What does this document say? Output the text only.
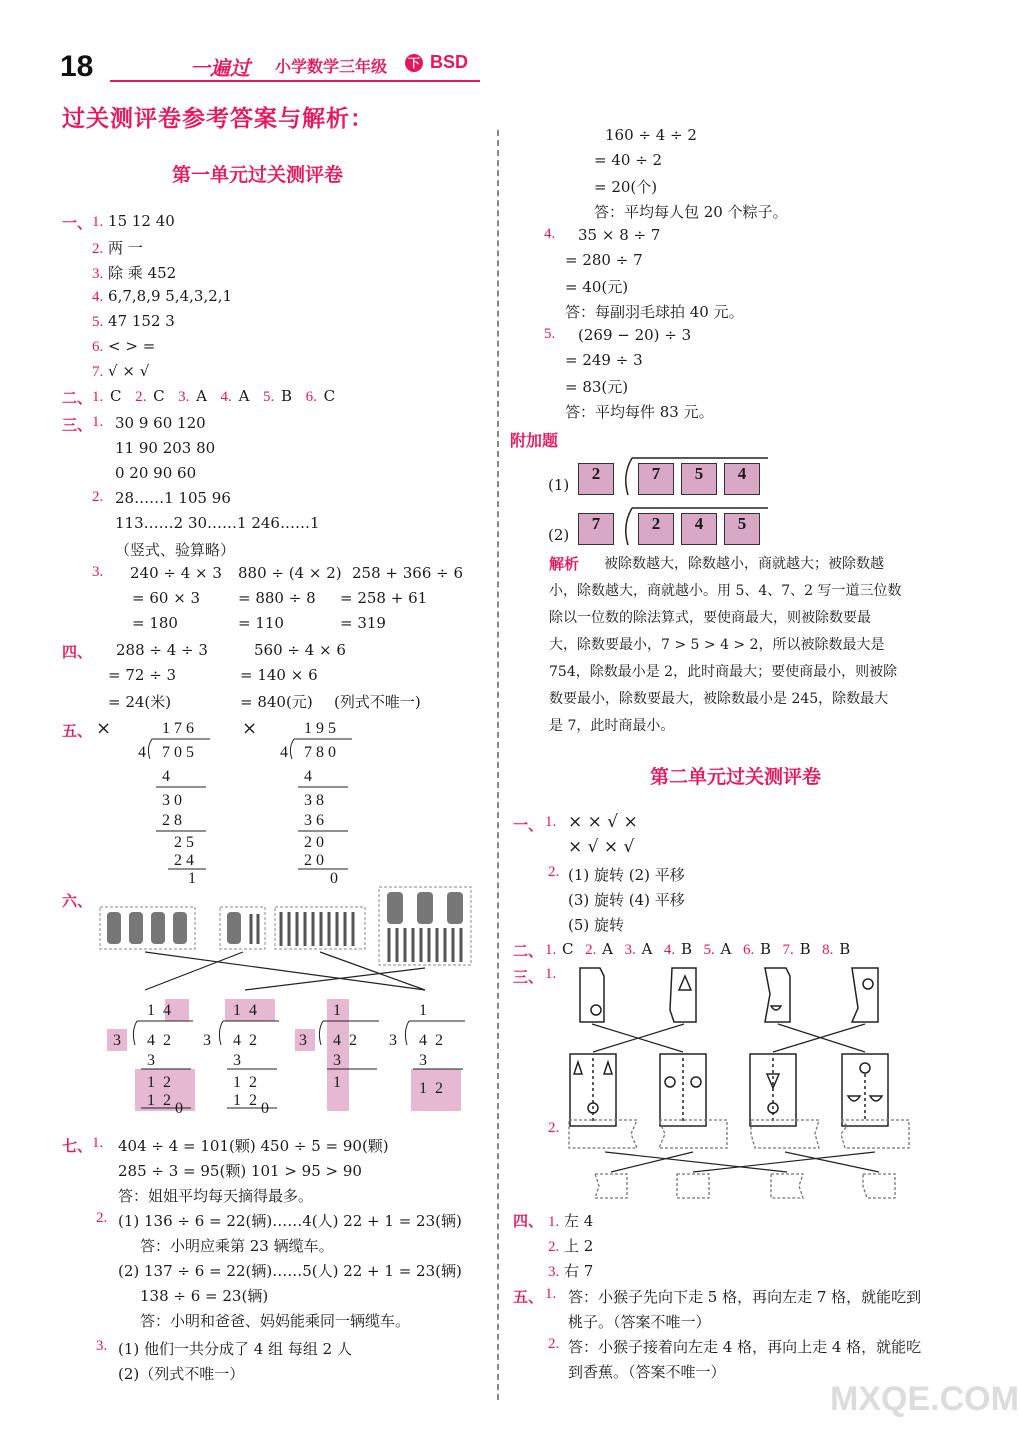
18	一遍过 小学数学三年级 下 BSD
过关测评卷参考答案与解析：
第一单元过关测评卷
一、 1. 15 12 40
2. 两 一
3. 除 乘 452
4. 6,7,8,9 5,4,3,2,1
5. 47 152 3
6. < > =
7. √ × √
二、 1. C 2. C 3. A 4. A 5. B 6. C
三、 1. 30 9 60 120
11 90 203 80
0 20 90 60
2. 28……1 105 96
113……2 30……1 246……1
（竖式、验算略）
3. 240 ÷ 4 × 3
= 60 × 3
= 180
880 ÷ (4 × 2)
= 880 ÷ 8
= 110
258 + 366 ÷ 6
= 258 + 61
= 319
四、 288 ÷ 4 ÷ 3
= 72 ÷ 3
= 24(米)
560 ÷ 4 × 6
= 140 × 6
= 840(元) (列式不唯一)
五、 ×	×
176
4 705
4
30
28
25
24
1
195
4 780
4
38
36
20
20
0
六、
14
3 42
3
12
12
0
14
3 42
3
12
12
0
1
3 42
3
1
1
3 42
3
12
七、 1. 404 ÷ 4 = 101(颗) 450 ÷ 5 = 90(颗)
285 ÷ 3 = 95(颗) 101 > 95 > 90
答：姐姐平均每天摘得最多。
2. (1) 136 ÷ 6 = 22(辆)……4(人) 22 + 1 = 23(辆)
答：小明应乘第 23 辆缆车。
(2) 137 ÷ 6 = 22(辆)……5(人) 22 + 1 = 23(辆)
138 ÷ 6 = 23(辆)
答：小明和爸爸、妈妈能乘同一辆缆车。
3. (1) 他们一共分成了 4 组 每组 2 人
(2)（列式不唯一）
160 ÷ 4 ÷ 2
= 40 ÷ 2
= 20(个)
答：平均每人包 20 个粽子。
4. 35 × 8 ÷ 7
= 280 ÷ 7
= 40(元)
答：每副羽毛球拍 40 元。
5. (269 − 20) ÷ 3
= 249 ÷ 3
= 83(元)
答：平均每件 83 元。
附加题
(1)
2	7 5 4
(2)
7	2 4 5
解析 被除数越大，除数越小，商就越大；被除数越
小，除数越大，商就越小。用 5、4、7、2 写一道三位数
除以一位数的除法算式，要使商最大，则被除数要最
大，除数要最小，7 > 5 > 4 > 2，所以被除数最大是
754，除数最小是 2，此时商最大；要使商最小，则被除
数要最小，除数要最大，被除数最小是 245，除数最大
是 7，此时商最小。
第二单元过关测评卷
一、 1. × × √ ×
× √ × √
2. (1) 旋转 (2) 平移
(3) 旋转 (4) 平移
(5) 旋转
二、 1. C 2. A 3. A 4. B 5. A 6. B 7. B 8. B
三、 1.
2.
四、 1. 左 4
2. 上 2
3. 右 7
五、 1. 答：小猴子先向下走 5 格，再向左走 7 格，就能吃到
桃子。（答案不唯一）
2. 答：小猴子接着向左走 4 格，再向上走 4 格，就能吃
到香蕉。（答案不唯一）
MXQE.COM
